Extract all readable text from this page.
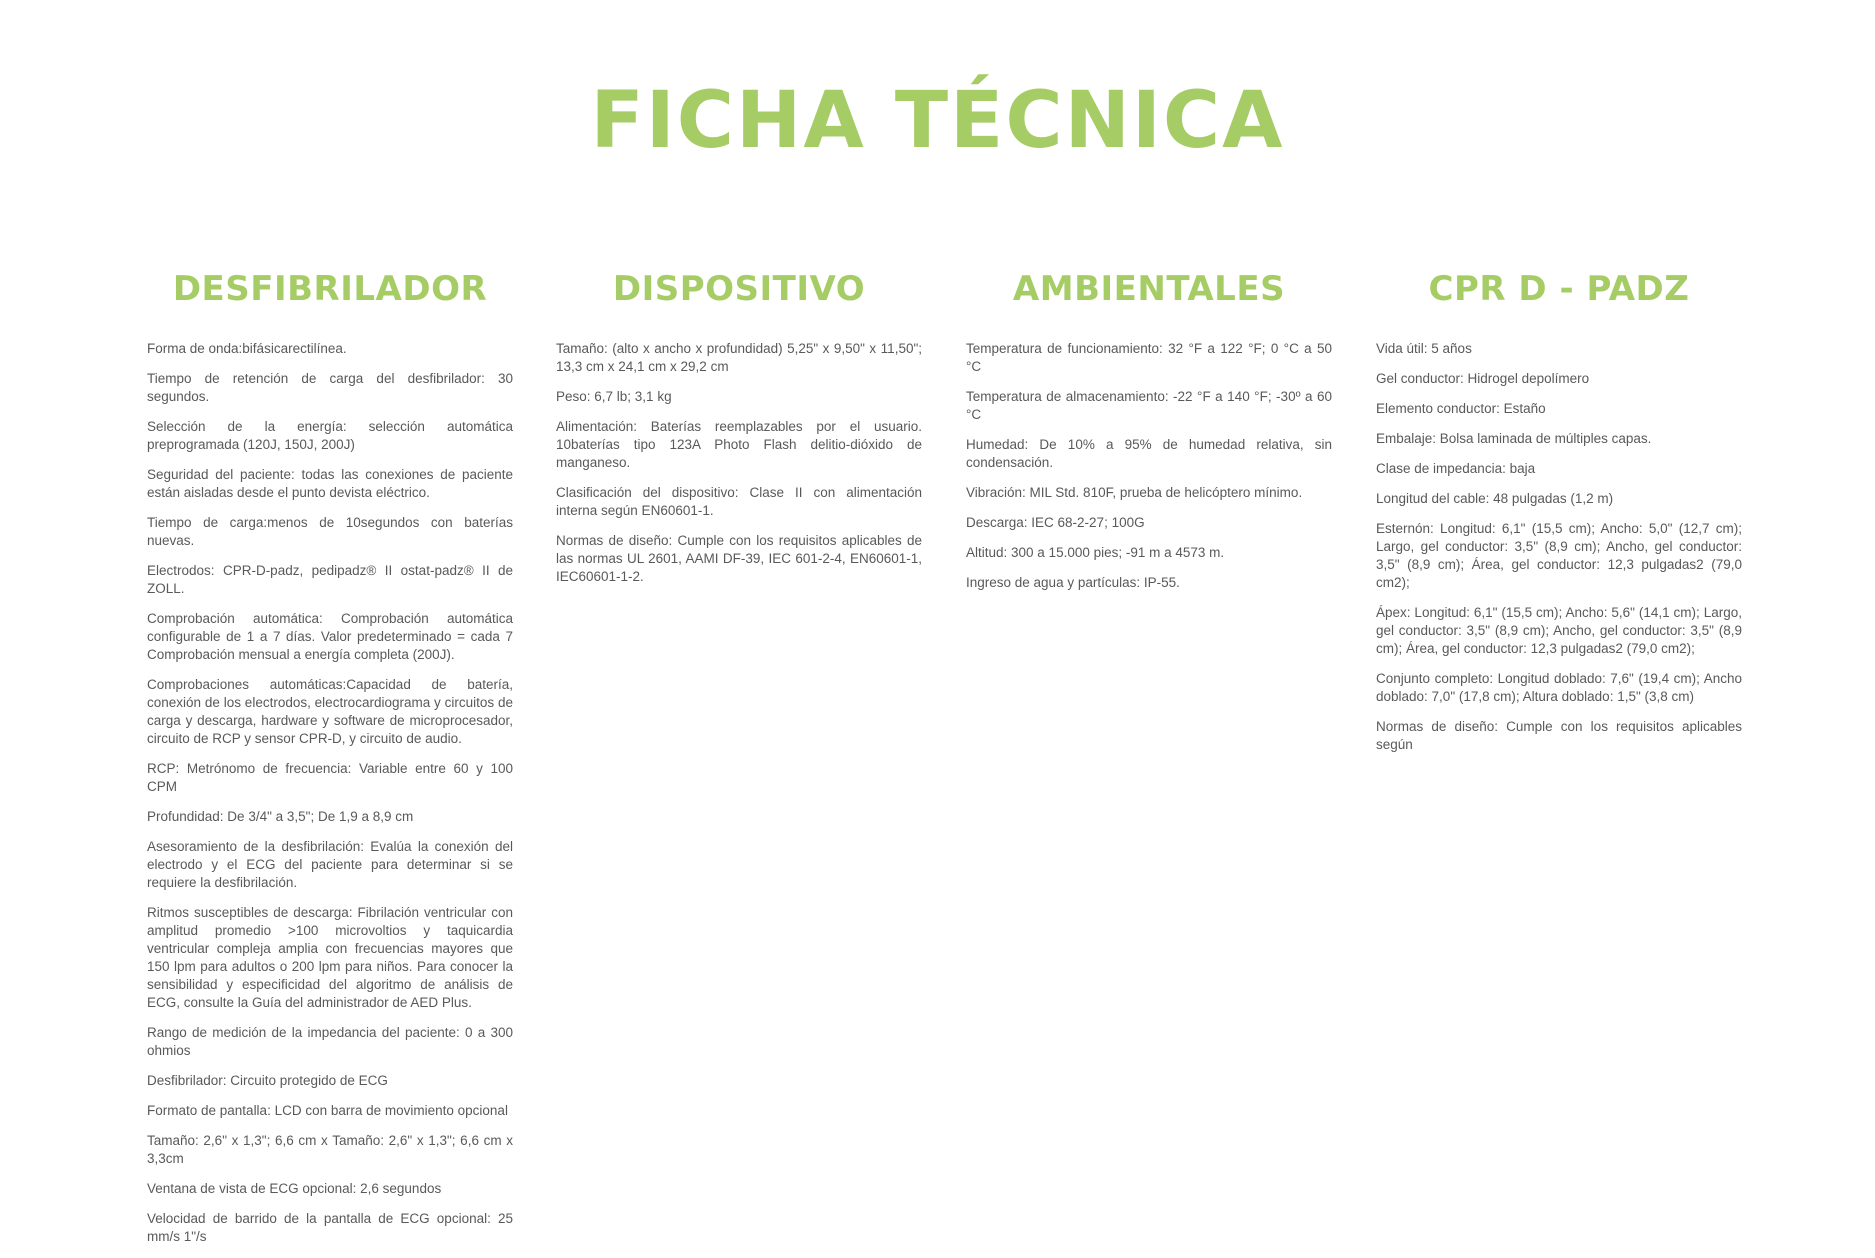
FICHA TÉCNICA
DESFIBRILADOR
Forma de onda:bifásicarectilínea.
Tiempo de retención de carga del desfibrilador: 30 segundos.
Selección de la energía: selección automática preprogramada (120J, 150J, 200J)
Seguridad del paciente: todas las conexiones de paciente están aisladas desde el punto devista eléctrico.
Tiempo de carga:menos de 10segundos con baterías nuevas.
Electrodos: CPR-D-padz, pedipadz® II ostat-padz® II de ZOLL.
Comprobación automática: Comprobación automática configurable de 1 a 7 días. Valor predeterminado = cada 7 Comprobación mensual a energía completa (200J).
Comprobaciones automáticas:Capacidad de batería, conexión de los electrodos, electrocardiograma y circuitos de carga y descarga, hardware y software de microprocesador, circuito de RCP y sensor CPR-D, y circuito de audio.
RCP: Metrónomo de frecuencia: Variable entre 60 y 100 CPM
Profundidad: De 3/4" a 3,5"; De 1,9 a 8,9 cm
Asesoramiento de la desfibrilación: Evalúa la conexión del electrodo y el ECG del paciente para determinar si se requiere la desfibrilación.
Ritmos susceptibles de descarga: Fibrilación ventricular con amplitud promedio >100 microvoltios y taquicardia ventricular compleja amplia con frecuencias mayores que 150 lpm para adultos o 200 lpm para niños. Para conocer la sensibilidad y especificidad del algoritmo de análisis de ECG, consulte la Guía del administrador de AED Plus.
Rango de medición de la impedancia del paciente: 0 a 300 ohmios
Desfibrilador: Circuito protegido de ECG
Formato de pantalla: LCD con barra de movimiento opcional
Tamaño: 2,6" x 1,3"; 6,6 cm x Tamaño: 2,6" x 1,3"; 6,6 cm x 3,3cm
Ventana de vista de ECG opcional: 2,6 segundos
Velocidad de barrido de la pantalla de ECG opcional: 25 mm/s 1"/s
DISPOSITIVO
Tamaño: (alto x ancho x profundidad) 5,25" x 9,50" x 11,50"; 13,3 cm x 24,1 cm x 29,2 cm
Peso: 6,7 lb; 3,1 kg
Alimentación: Baterías reemplazables por el usuario. 10baterías tipo 123A Photo Flash delitio-dióxido de manganeso.
Clasificación del dispositivo: Clase II con alimentación interna según EN60601-1.
Normas de diseño: Cumple con los requisitos aplicables de las normas UL 2601, AAMI DF-39, IEC 601-2-4, EN60601-1, IEC60601-1-2.
AMBIENTALES
Temperatura de funcionamiento: 32 °F a 122 °F; 0 °C a 50 °C
Temperatura de almacenamiento: -22 °F a 140 °F; -30º a 60 °C
Humedad: De 10% a 95% de humedad relativa, sin condensación.
Vibración: MIL Std. 810F, prueba de helicóptero mínimo.
Descarga: IEC 68-2-27; 100G
Altitud: 300 a 15.000 pies; -91 m a 4573 m.
Ingreso de agua y partículas: IP-55.
CPR D - PADZ
Vida útil: 5 años
Gel conductor: Hidrogel depolímero
Elemento conductor: Estaño
Embalaje: Bolsa laminada de múltiples capas.
Clase de impedancia: baja
Longitud del cable: 48 pulgadas (1,2 m)
Esternón: Longitud: 6,1" (15,5 cm); Ancho: 5,0" (12,7 cm); Largo, gel conductor: 3,5" (8,9 cm); Ancho, gel conductor: 3,5" (8,9 cm); Área, gel conductor: 12,3 pulgadas2 (79,0 cm2);
Ápex: Longitud: 6,1" (15,5 cm); Ancho: 5,6" (14,1 cm); Largo, gel conductor: 3,5" (8,9 cm); Ancho, gel conductor: 3,5" (8,9 cm); Área, gel conductor: 12,3 pulgadas2 (79,0 cm2);
Conjunto completo: Longitud doblado: 7,6" (19,4 cm); Ancho doblado: 7,0" (17,8 cm); Altura doblado: 1,5" (3,8 cm)
Normas de diseño: Cumple con los requisitos aplicables según
